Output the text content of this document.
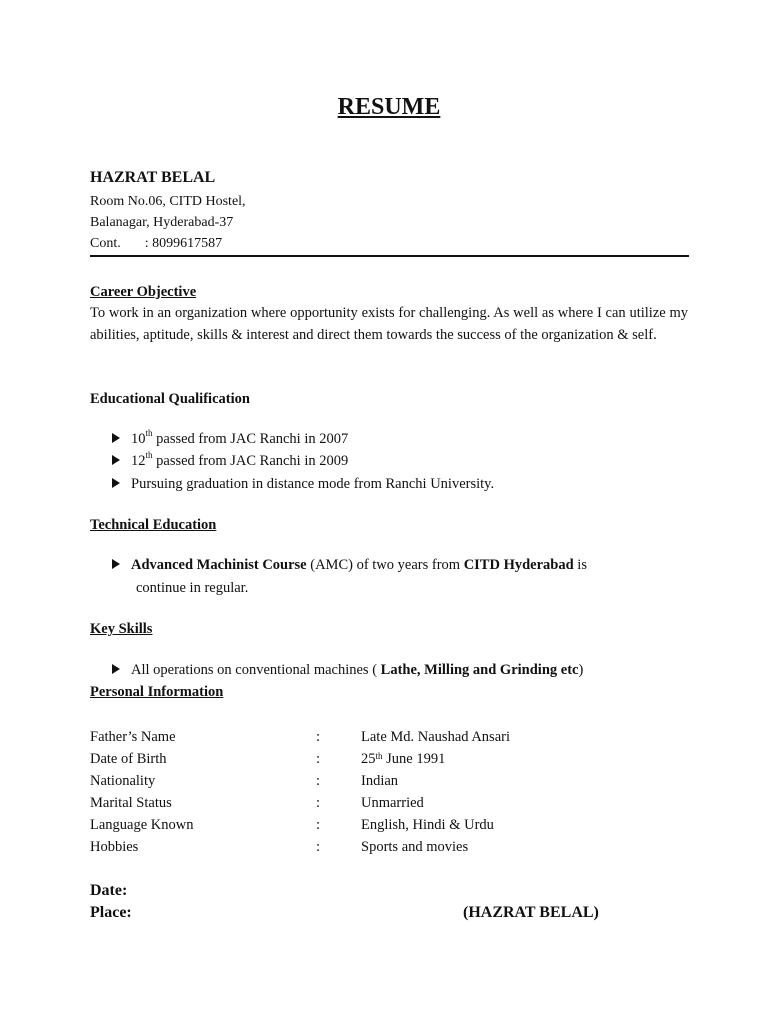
RESUME
HAZRAT BELAL
Room No.06, CITD Hostel,
Balanagar, Hyderabad-37
Cont. : 8099617587
Career Objective
To work in an organization where opportunity exists for challenging. As well as where I can utilize my abilities, aptitude, skills & interest and direct them towards the success of the organization & self.
Educational Qualification
10th passed from JAC Ranchi in 2007
12th passed from JAC Ranchi in 2009
Pursuing graduation in distance mode from Ranchi University.
Technical Education
Advanced Machinist Course (AMC) of two years from CITD Hyderabad is
continue in regular.
Key Skills
All operations on conventional machines ( Lathe, Milling and Grinding etc)
Personal Information
Father’s Name	:	Late Md. Naushad Ansari
Date of Birth	:	25th June 1991
Nationality	:	Indian
Marital Status	:	Unmarried
Language Known	:	English, Hindi & Urdu
Hobbies	:	Sports and movies
Date:
Place:	(HAZRAT BELAL)
